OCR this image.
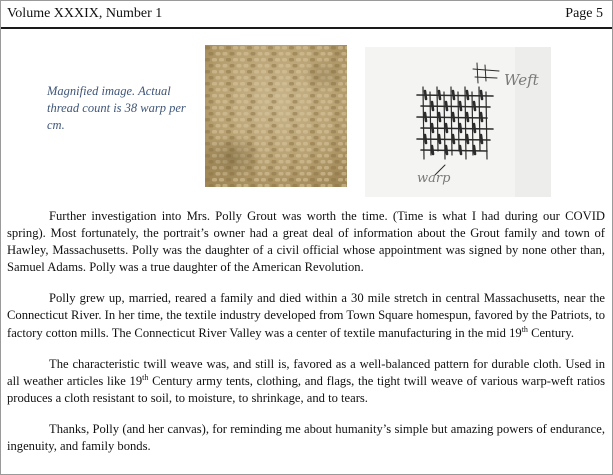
Volume XXXIX, Number 1	Page 5
Magnified image. Actual thread count is 38 warp per cm.
Weft
warp

Further investigation into Mrs. Polly Grout was worth the time. (Time is what I had during our COVID spring). Most fortunately, the portrait’s owner had a great deal of information about the Grout family and town of Hawley, Massachusetts. Polly was the daughter of a civil official whose appointment was signed by none other than, Samuel Adams. Polly was a true daughter of the American Revolution.

Polly grew up, married, reared a family and died within a 30 mile stretch in central Massachusetts, near the Connecticut River. In her time, the textile industry developed from Town Square homespun, favored by the Patriots, to factory cotton mills. The Connecticut River Valley was a center of textile manufacturing in the mid 19th Century.

The characteristic twill weave was, and still is, favored as a well-balanced pattern for durable cloth. Used in all weather articles like 19th Century army tents, clothing, and flags, the tight twill weave of various warp-weft ratios produces a cloth resistant to soil, to moisture, to shrinkage, and to tears.

Thanks, Polly (and her canvas), for reminding me about humanity’s simple but amazing powers of endurance, ingenuity, and family bonds.
